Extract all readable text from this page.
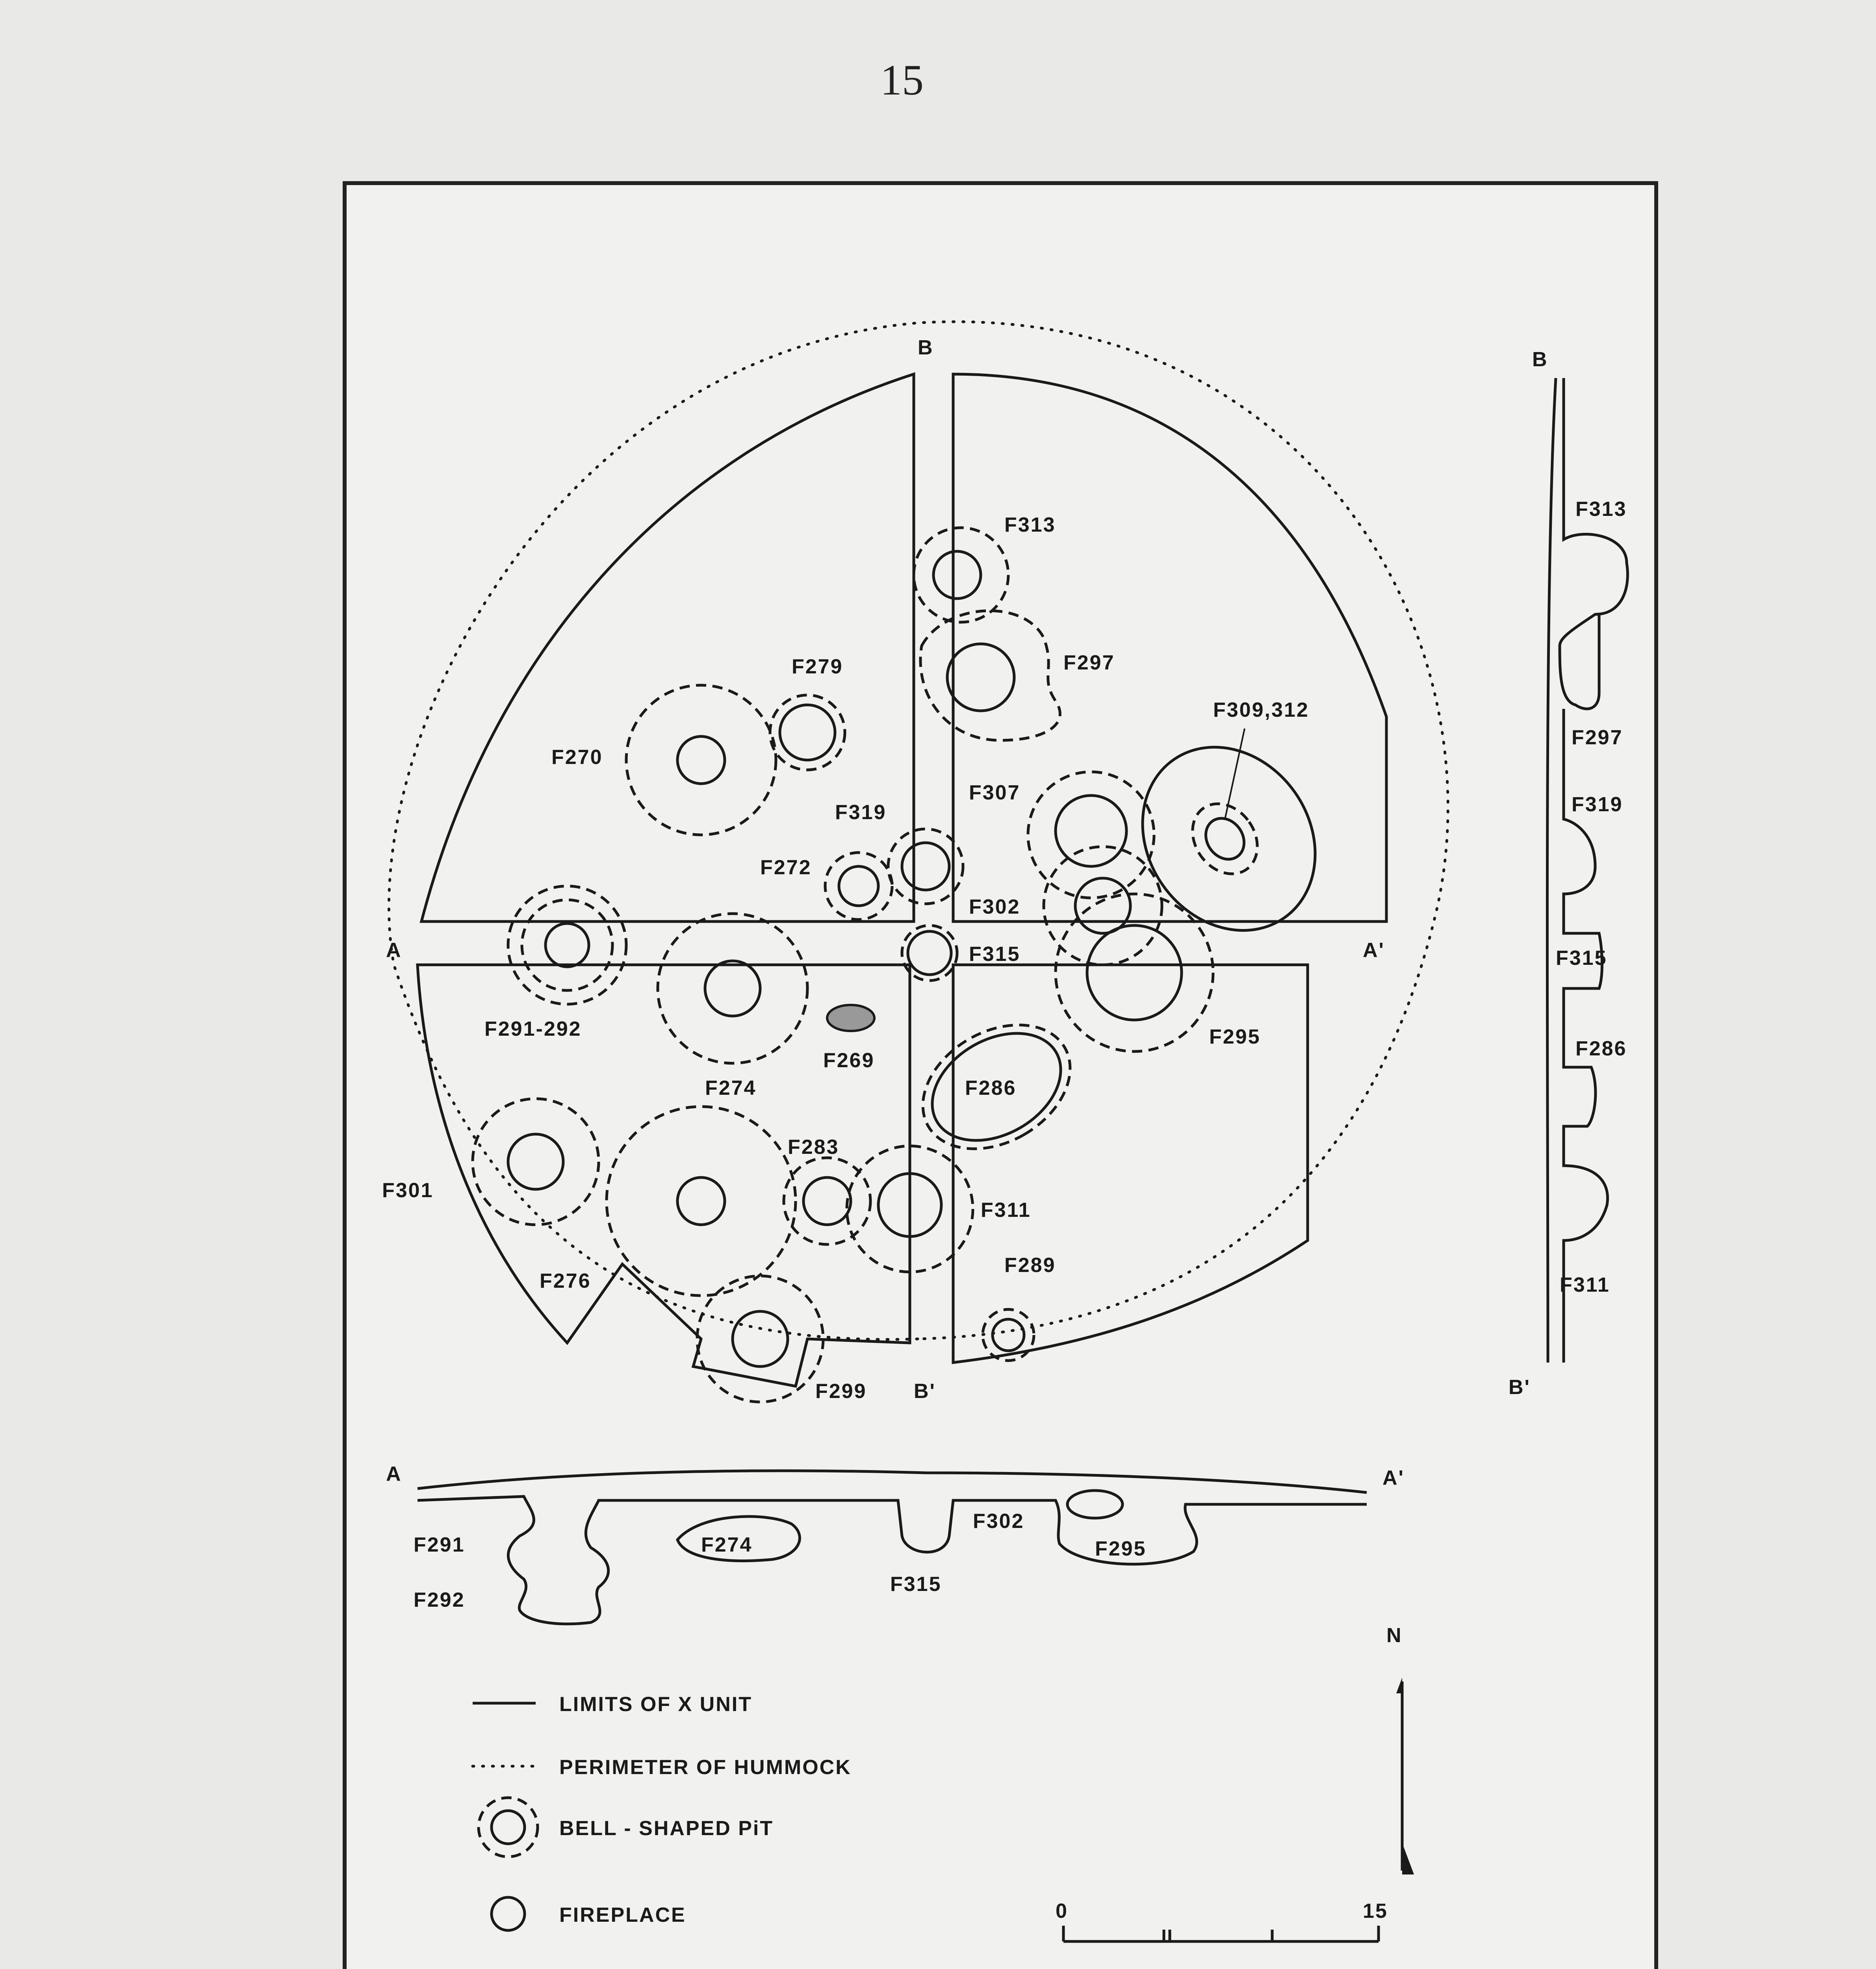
15
B
A	A'
B'
F313
F297
F279
F309,312
F270
F307
F319
F272
F302
F315
F291-292
F269
F295
F274	F286
F301
F283
F311
F289
F276
F299
A	A'
F291
F292
F274
F315
F302
F295
B
B'
F313
F297
F319
F315
F286
F311
LIMITS OF X UNIT
PERIMETER OF HUMMOCK
BELL - SHAPED PiT
FIREPLACE
N
0	15
